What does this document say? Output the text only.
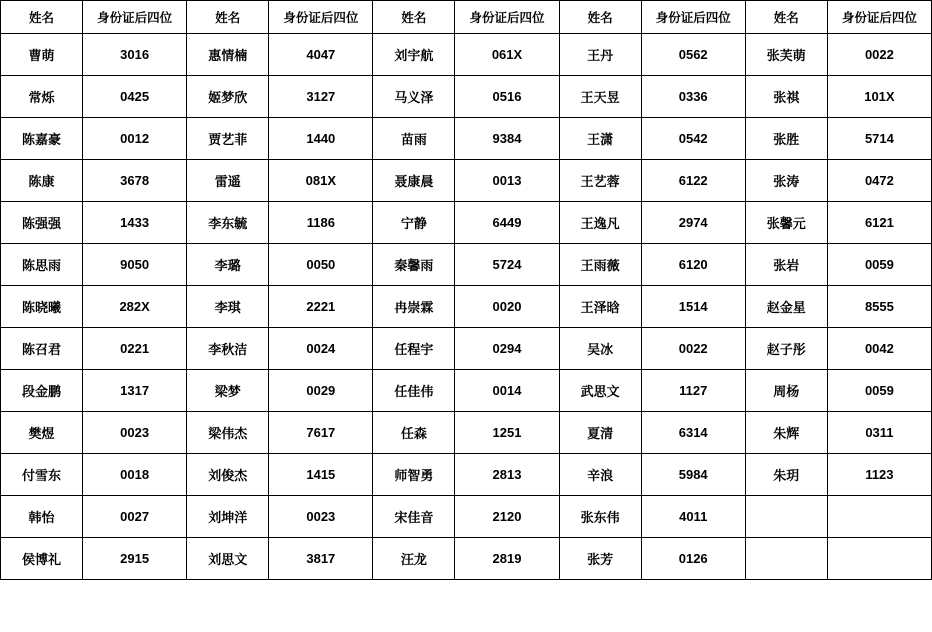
姓名	身份证后四位	姓名	身份证后四位	姓名	身份证后四位	姓名	身份证后四位	姓名	身份证后四位
曹萌	3016	惠情楠	4047	刘宇航	061X	王丹	0562	张芙萌	0022
常烁	0425	姬梦欣	3127	马义泽	0516	王天昱	0336	张祺	101X
陈嘉豪	0012	贾艺菲	1440	苗雨	9384	王潇	0542	张胜	5714
陈康	3678	雷遥	081X	聂康晨	0013	王艺蓉	6122	张涛	0472
陈强强	1433	李东毓	1186	宁静	6449	王逸凡	2974	张馨元	6121
陈思雨	9050	李璐	0050	秦馨雨	5724	王雨薇	6120	张岩	0059
陈晓曦	282X	李琪	2221	冉崇霖	0020	王泽晗	1514	赵金星	8555
陈召君	0221	李秋洁	0024	任程宇	0294	吴冰	0022	赵子彤	0042
段金鹏	1317	梁梦	0029	任佳伟	0014	武思文	1127	周杨	0059
樊煜	0023	梁伟杰	7617	任森	1251	夏清	6314	朱辉	0311
付雪东	0018	刘俊杰	1415	师智勇	2813	辛浪	5984	朱玥	1123
韩怡	0027	刘坤洋	0023	宋佳音	2120	张东伟	4011		
侯博礼	2915	刘思文	3817	汪龙	2819	张芳	0126		
